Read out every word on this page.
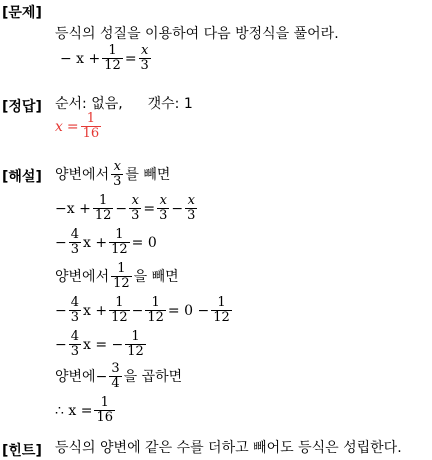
[문제]
등식의 성질을 이용하여 다음 방정식을 풀어라.
− $x + \frac{1}{12} = \frac{x}{3}$
[정답] 순서: 없음, 갯수: 1
$x = \frac{1}{16}$
[해설] 양변에서 $\frac{x}{3}$ 를 빼면
$-x + \frac{1}{12} - \frac{x}{3} = \frac{x}{3} - \frac{x}{3}$
− $\frac{4}{3}$ $x + \frac{1}{12} = 0$
양변에서 $\frac{1}{12}$ 을 빼면
− $\frac{4}{3}$ $x + \frac{1}{12} - \frac{1}{12} = 0 - \frac{1}{12}$
− $\frac{4}{3}$ x = − $\frac{1}{12}$
양변에 − $\frac{3}{4}$ 을 곱하면
∴ $x = \frac{1}{16}$
[힌트] 등식의 양변에 같은 수를 더하고 빼어도 등식은 성립한다.
